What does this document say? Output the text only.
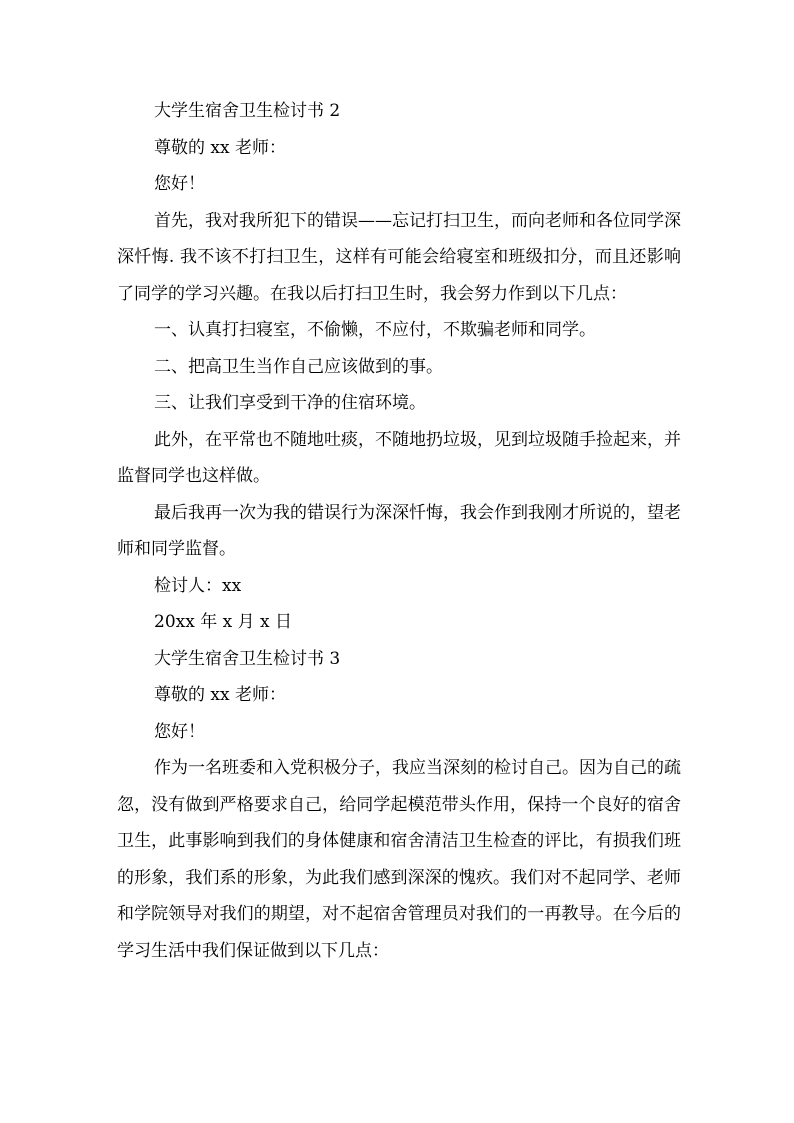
大学生宿舍卫生检讨书 2

尊敬的 xx 老师：

您好！

首先，我对我所犯下的错误——忘记打扫卫生，而向老师和各位同学深深忏悔. 我不该不打扫卫生，这样有可能会给寝室和班级扣分，而且还影响了同学的学习兴趣。在我以后打扫卫生时，我会努力作到以下几点：

一、认真打扫寝室，不偷懒，不应付，不欺骗老师和同学。

二、把高卫生当作自己应该做到的事。

三、让我们享受到干净的住宿环境。

此外，在平常也不随地吐痰，不随地扔垃圾，见到垃圾随手捡起来，并监督同学也这样做。

最后我再一次为我的错误行为深深忏悔，我会作到我刚才所说的，望老师和同学监督。

检讨人：xx

20xx 年 x 月 x 日

大学生宿舍卫生检讨书 3

尊敬的 xx 老师：

您好！

作为一名班委和入党积极分子，我应当深刻的检讨自己。因为自己的疏忽，没有做到严格要求自己，给同学起模范带头作用，保持一个良好的宿舍卫生，此事影响到我们的身体健康和宿舍清洁卫生检查的评比，有损我们班的形象，我们系的形象，为此我们感到深深的愧疚。我们对不起同学、老师和学院领导对我们的期望，对不起宿舍管理员对我们的一再教导。在今后的学习生活中我们保证做到以下几点：
